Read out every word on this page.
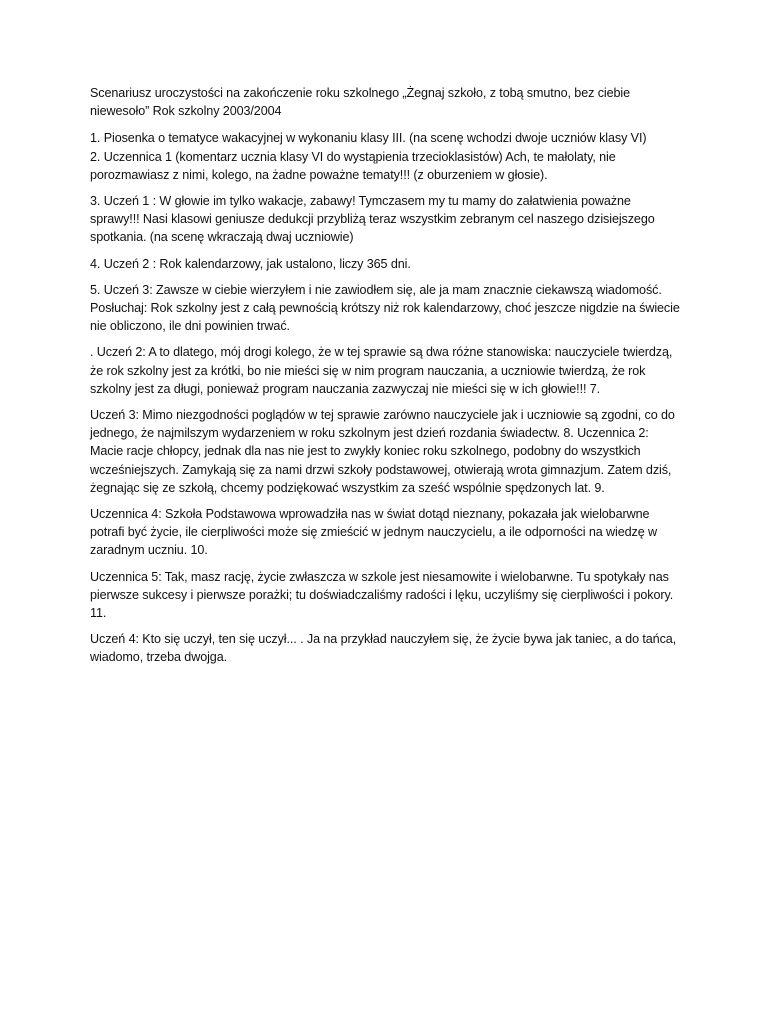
Scenariusz uroczystości na zakończenie roku szkolnego „Żegnaj szkoło, z tobą smutno, bez ciebie niewesoło” Rok szkolny 2003/2004

1. Piosenka o tematyce wakacyjnej w wykonaniu klasy III. (na scenę wchodzi dwoje uczniów klasy VI)
2. Uczennica 1 (komentarz ucznia klasy VI do wystąpienia trzecioklasistów) Ach, te małolaty, nie porozmawiasz z nimi, kolego, na żadne poważne tematy!!! (z oburzeniem w głosie).

3. Uczeń 1 : W głowie im tylko wakacje, zabawy! Tymczasem my tu mamy do załatwienia poważne sprawy!!! Nasi klasowi geniusze dedukcji przybliżą teraz wszystkim zebranym cel naszego dzisiejszego spotkania. (na scenę wkraczają dwaj uczniowie)

4. Uczeń 2 : Rok kalendarzowy, jak ustalono, liczy 365 dni.

5. Uczeń 3: Zawsze w ciebie wierzyłem i nie zawiodłem się, ale ja mam znacznie ciekawszą wiadomość. Posłuchaj: Rok szkolny jest z całą pewnością krótszy niż rok kalendarzowy, choć jeszcze nigdzie na świecie nie obliczono, ile dni powinien trwać.

. Uczeń 2: A to dlatego, mój drogi kolego, że w tej sprawie są dwa różne stanowiska: nauczyciele twierdzą, że rok szkolny jest za krótki, bo nie mieści się w nim program nauczania, a uczniowie twierdzą, że rok szkolny jest za długi, ponieważ program nauczania zazwyczaj nie mieści się w ich głowie!!! 7.

Uczeń 3: Mimo niezgodności poglądów w tej sprawie zarówno nauczyciele jak i uczniowie są zgodni, co do jednego, że najmilszym wydarzeniem w roku szkolnym jest dzień rozdania świadectw. 8. Uczennica 2: Macie racje chłopcy, jednak dla nas nie jest to zwykły koniec roku szkolnego, podobny do wszystkich wcześniejszych. Zamykają się za nami drzwi szkoły podstawowej, otwierają wrota gimnazjum. Zatem dziś, żegnając się ze szkołą, chcemy podziękować wszystkim za sześć wspólnie spędzonych lat. 9.

Uczennica 4: Szkoła Podstawowa wprowadziła nas w świat dotąd nieznany, pokazała jak wielobarwne potrafi być życie, ile cierpliwości może się zmieścić w jednym nauczycielu, a ile odporności na wiedzę w zaradnym uczniu. 10.

Uczennica 5: Tak, masz rację, życie zwłaszcza w szkole jest niesamowite i wielobarwne. Tu spotykały nas pierwsze sukcesy i pierwsze porażki; tu doświadczaliśmy radości i lęku, uczyliśmy się cierpliwości i pokory. 11.

Uczeń 4: Kto się uczył, ten się uczył... . Ja na przykład nauczyłem się, że życie bywa jak taniec, a do tańca, wiadomo, trzeba dwojga.
